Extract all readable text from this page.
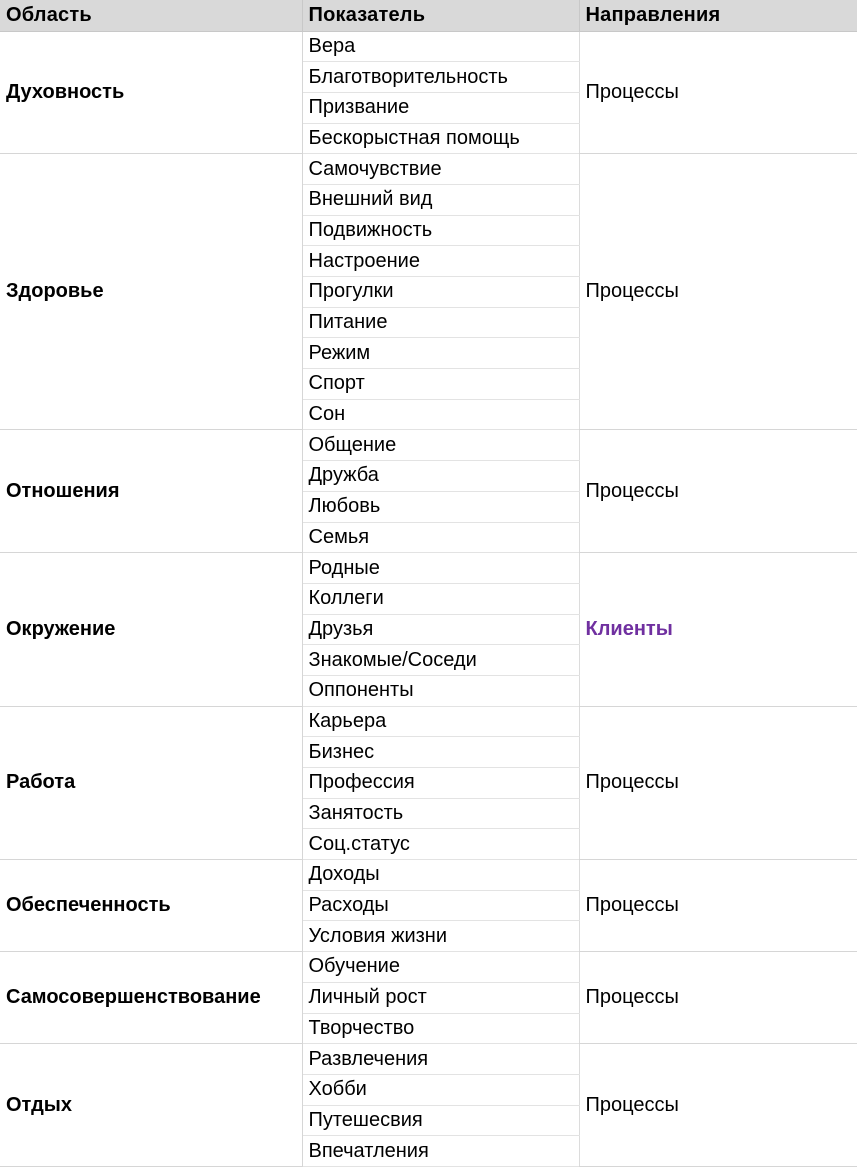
Область	Показатель	Направления
Духовность	Вера	Процессы
	Благотворительность	
	Призвание	
	Бескорыстная помощь	
Здоровье	Самочувствие	Процессы
	Внешний вид	
	Подвижность	
	Настроение	
	Прогулки	
	Питание	
	Режим	
	Спорт	
	Сон	
Отношения	Общение	Процессы
	Дружба	
	Любовь	
	Семья	
Окружение	Родные	Клиенты
	Коллеги	
	Друзья	
	Знакомые/Соседи	
	Оппоненты	
Работа	Карьера	Процессы
	Бизнес	
	Профессия	
	Занятость	
	Соц.статус	
Обеспеченность	Доходы	Процессы
	Расходы	
	Условия жизни	
Самосовершенствование	Обучение	Процессы
	Личный рост	
	Творчество	
Отдых	Развлечения	Процессы
	Хобби	
	Путешесвия	
	Впечатления	
